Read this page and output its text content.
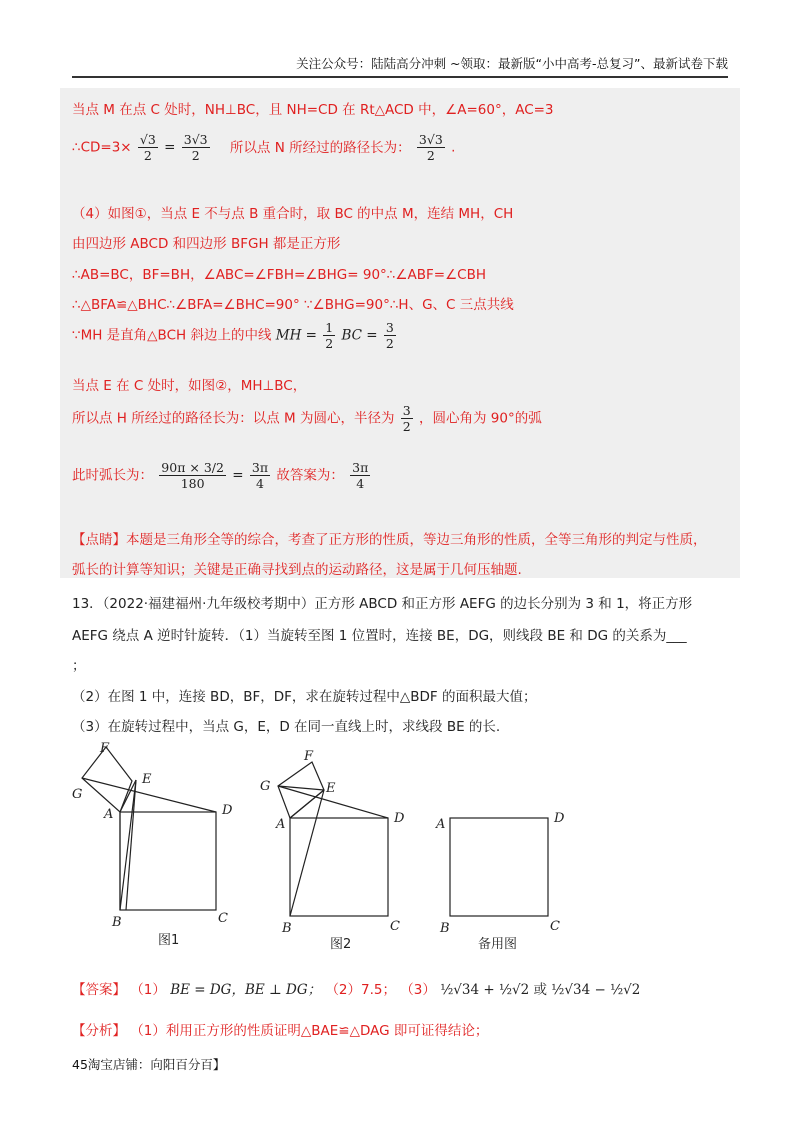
关注公众号：陆陆高分冲刺 ~领取：最新版“小中高考-总复习”、最新试卷下载
当点 M 在点 C 处时，NH⊥BC，且 NH=CD 在 Rt△ACD 中，∠A=60°，AC=3
∴CD=3× $\frac{√3}{2} = \frac{3√3}{2}$ 所以点 N 所经过的路径长为： $\frac{3√3}{2}$ .
（4）如图①，当点 E 不与点 B 重合时，取 BC 的中点 M，连结 MH，CH
由四边形 ABCD 和四边形 BFGH 都是正方形
∴AB=BC，BF=BH，∠ABC=∠FBH=∠BHG= 90°∴∠ABF=∠CBH
∴△BFA≌△BHC∴∠BFA=∠BHC=90° ∵∠BHG=90°∴H、G、C 三点共线
∵MH 是直角△BCH 斜边上的中线 MH = $\frac{1}{2}$ BC = $\frac{3}{2}$
当点 E 在 C 处时，如图②，MH⊥BC，
所以点 H 所经过的路径长为：以点 M 为圆心，半径为 $\frac{3}{2}$ ，圆心角为 90°的弧
此时弧长为： $\frac{90\pi \times 3/2}{180} = \frac{3\pi}{4}$ 故答案为： $\frac{3\pi}{4}$
【点睛】本题是三角形全等的综合，考查了正方形的性质，等边三角形的性质，全等三角形的判定与性质，
弧长的计算等知识；关键是正确寻找到点的运动路径，这是属于几何压轴题.
13．（2022·福建福州·九年级校考期中）正方形 ABCD 和正方形 AEFG 的边长分别为 3 和 1，将正方形
AEFG 绕点 A 逆时针旋转．（1）当旋转至图 1 位置时，连接 BE，DG，则线段 BE 和 DG 的关系为___
；
（2）在图 1 中，连接 BD，BF，DF，求在旋转过程中△BDF 的面积最大值；
（3）在旋转过程中，当点 G，E，D 在同一直线上时，求线段 BE 的长.
F
E
G
A	D
B	C
图1
F
E
G
A	D
B	C
图2
A	D
B	C
备用图
【答案】 （1） BE = DG，BE ⊥ DG； （2）7.5； （3） ½√34 + ½√2 或 ½√34 − ½√2
【分析】 （1）利用正方形的性质证明△BAE≌△DAG 即可证得结论；
45淘宝店铺：向阳百分百】
